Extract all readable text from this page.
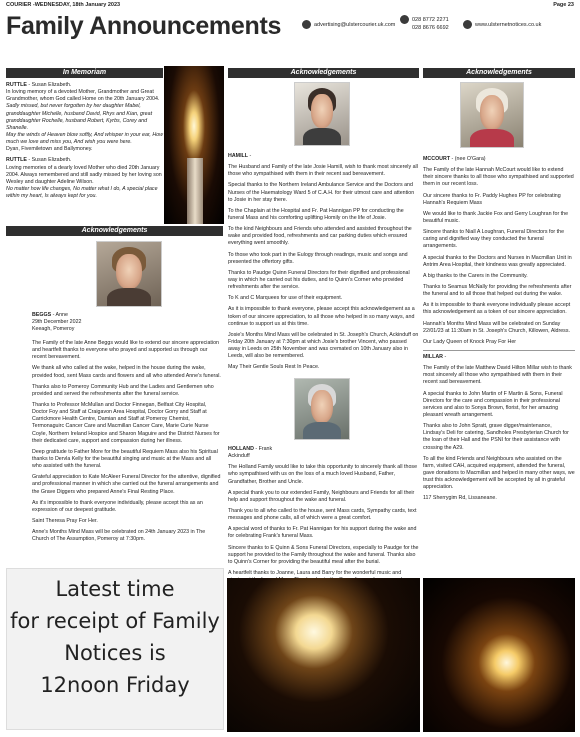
COURIER -WEDNESDAY, 18th January 2023	Page 23
Family Announcements	advertising@ulstercourier.uk.com
028 8772 2271
028 8676 6692
www.ulsternetnotices.co.uk
In Memoriam	Acknowledgements	Acknowledgements
Acknowledgements

RUTTLE - Susan Elizabeth.
In loving memory of a devoted Mother, Grandmother and Great Grandmother, whom God called Home on the 20th January 2004.
Sadly missed, but never forgotten by her daughter Mabel, granddaughter Michelle, husband David, Rhys and Kian, great granddaughter Rochelle, husband Robert, Kyrbs, Corey and Shanelle.
May the winds of Heaven blow softly, And whisper in your ear, How much we love and miss you, And wish you were here.
Dyan, Fivemiletown and Ballymoney.

RUTTLE - Susan Elizabeth.
Loving memories of a dearly loved Mother who died 20th January 2004. Always remembered and still sadly missed by her loving son Wesley and daughter Adeline Wilson.
No matter how life changes, No matter what I do, A special place within my heart, Is always kept for you.

BEGGS - Anne
29th December 2022
Keeagh, Pomeroy

The Family of the late Anne Beggs would like to extend our sincere appreciation and heartfelt thanks to everyone who prayed and supported us through our recent bereavement.

We thank all who called at the wake, helped in the house during the wake, provided food, sent Mass cards and flowers and all who attended Anne's funeral.

Thanks also to Pomeroy Community Hub and the Ladies and Gentlemen who provided and served the refreshments after the funeral service.

Thanks to Professor McMullan and Doctor Finnegan, Belfast City Hospital, Doctor Foy and Staff at Craigavon Area Hospital, Doctor Gorry and Staff at Carrickmore Health Centre, Damian and Staff at Pomeroy Chemist, Termonaguirc Cancer Care and Macmillan Cancer Care, Marie Curie Nurse Coyle, Northern Ireland Hospice and Sharon Maguire and the District Nurses for their dedicated care, support and compassion during her illness.

Deep gratitude to Father More for the beautiful Requiem Mass also his Spiritual thanks to Dervla Kelly for the beautiful singing and music at the Mass and all who assisted with the funeral.

Grateful appreciation to Kate McAleer Funeral Director for the attentive, dignified and professional manner in which she carried out the funeral arrangements and the Grave Diggers who prepared Anne's Final Resting Place.

As it's impossible to thank everyone individually, please accept this as an expression of our deepest gratitude.

Saint Theresa Pray For Her.

Anne's Months Mind Mass will be celebrated on 24th January 2023 in The Church of The Assumption, Pomeroy at 7:30pm.

Latest time
for receipt of Family
Notices is
12noon Friday

HAMILL -

The Husband and Family of the late Josie Hamill, wish to thank most sincerely all those who sympathised with them in their recent sad bereavement.

Special thanks to the Northern Ireland Ambulance Service and the Doctors and Nurses of the Haematology Ward 5 of C.A.H. for their utmost care and attention to Josie in her stay there.

To the Chaplain at the Hospital and Fr. Pat Hannigan PP for conducting the funeral Mass and his comforting uplifting Homily on the life of Josie.

To the kind Neighbours and Friends who attended and assisted throughout the wake and provided food, refreshments and car parking duties which ensured everything went smoothly.

To those who took part in the Eulogy through readings, music and songs and presented the offertory gifts.

Thanks to Paudge Quinn Funeral Directors for their dignified and professional way in which he carried out his duties, and to Quinn's Corner who provided refreshments after the service.

To K and C Marquees for use of their equipment.

As it is impossible to thank everyone, please accept this acknowledgement as a token of our sincere appreciation, to all those who helped in so many ways, and continue to support us at this time.

Josie's Months Mind Mass will be celebrated in St. Joseph's Church, Ackinduff on Friday 20th January at 7:30pm at which Josie's brother Vincent, who passed away in Leeds on 25th November and was cremated on 10th January also in Leeds, will also be remembered.

May Their Gentle Souls Rest In Peace.

HOLLAND - Frank
Ackinduff

The Holland Family would like to take this opportunity to sincerely thank all those who sympathised with us on the loss of a much loved Husband, Father, Grandfather, Brother and Uncle.

A special thank you to our extended Family, Neighbours and Friends for all their help and support throughout the wake and funeral.

Thank you to all who called to the house, sent Mass cards, Sympathy cards, text messages and phone calls, all of which were a great comfort.

A special word of thanks to Fr. Pat Hannigan for his support during the wake and for celebrating Frank's funeral Mass.

Sincere thanks to E Quinn & Sons Funeral Directors, especially to Paudge for the support he provided to the Family throughout the wake and funeral. Thanks also to Quinn's Corner for providing the beautiful meal after the burial.

A heartfelt thanks to Joanne, Laura and Barry for the wonderful music and

MCCOURT - (nee O'Gara)

The Family of the late Hannah McCourt would like to extend their sincere thanks to all those who sympathised and supported them in our recent loss.

Our sincere thanks to Fr. Paddy Hughes PP for celebrating Hannah's Requiem Mass

We would like to thank Jackie Fox and Gerry Loughran for the beautiful music.

Sincere thanks to Niall A Loughran, Funeral Directors for the caring and dignified way they conducted the funeral arrangements.

A special thanks to the Doctors and Nurses in Macmillan Unit in Antrim Area Hospital, their kindness was greatly appreciated.

A big thanks to the Carers in the Community.

Thanks to Seamus McNally for providing the refreshments after the funeral and to all those that helped out during the wake.

As it is impossible to thank everyone individually please accept this acknowledgement as a token of our sincere appreciation.

Hannah's Months Mind Mass will be celebrated on Sunday 22/01/23 at 11:30am in St. Joseph's Church, Killowen, Aldress.

Our Lady Queen of Knock Pray For Her

MILLAR -

The Family of the late Matthew David Hilton Millar wish to thank most sincerely all those who sympathised with them in their recent sad bereavement.

A special thanks to John Martin of F Martin & Sons, Funeral Directors for the care and compassion in their professional services and also to Sonya Brown, florist, for her amazing pleasant wreath arrangement.

Thanks also to John Spratt, grave digger/maintenance, Lindsay's Deli for catering, Sandholes Presbyterian Church for the loan of their Hall and the PSNI for their assistance with crossing the A29.

To all the kind Friends and Neighbours who assisted on the farm, visited CAH, acquired equipment, attended the funeral, gave donations to Macmillan and helped in many other ways, we trust this acknowledgement will be accepted by all in grateful appreciation.

117 Sherrygim Rd, Lissaneane.
